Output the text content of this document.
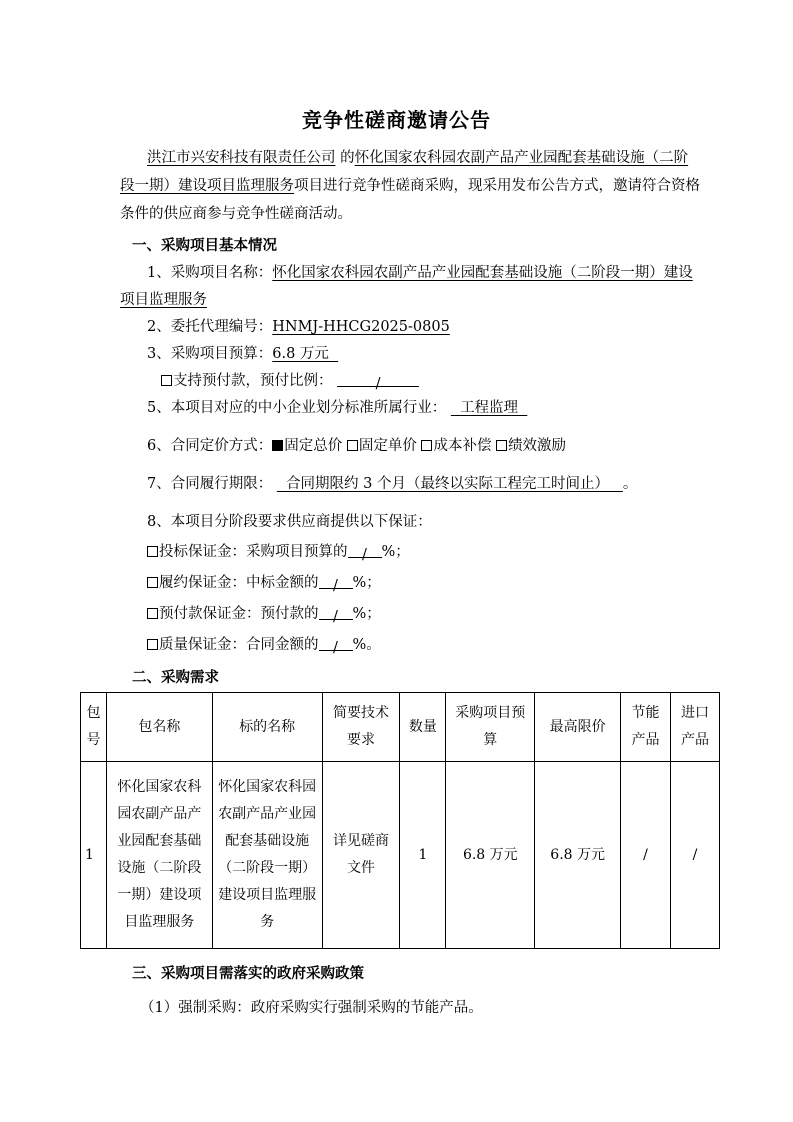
竞争性磋商邀请公告
洪江市兴安科技有限责任公司 的怀化国家农科园农副产品产业园配套基础设施（二阶
段一期）建设项目监理服务项目进行竞争性磋商采购，现采用发布公告方式，邀请符合资格
条件的供应商参与竞争性磋商活动。
一、采购项目基本情况
1、采购项目名称：怀化国家农科园农副产品产业园配套基础设施（二阶段一期）建设
项目监理服务
2、委托代理编号：HNMJ-HHCG2025-0805
3、采购项目预算：6.8 万元
支持预付款，预付比例：	/
5、本项目对应的中小企业划分标准所属行业： 工程监理
6、合同定价方式： 固定总价 固定单价 成本补偿 绩效激励
7、合同履行期限： 合同期限约 3 个月（最终以实际工程完工时间止） 。
8、本项目分阶段要求供应商提供以下保证：
投标保证金：采购项目预算的 / %；
履约保证金：中标金额的 / %；
预付款保证金：预付款的 / %；
质量保证金：合同金额的 / %。
二、采购需求
包号	包名称	标的名称	简要技术要求	数量	采购项目预算	最高限价	节能产品	进口产品
1	怀化国家农科园农副产品产业园配套基础设施（二阶段一期）建设项目监理服务	怀化国家农科园农副产品产业园配套基础设施（二阶段一期）建设项目监理服务	详见磋商文件	1	6.8 万元	6.8 万元	/	/
三、采购项目需落实的政府采购政策
（1）强制采购：政府采购实行强制采购的节能产品。
